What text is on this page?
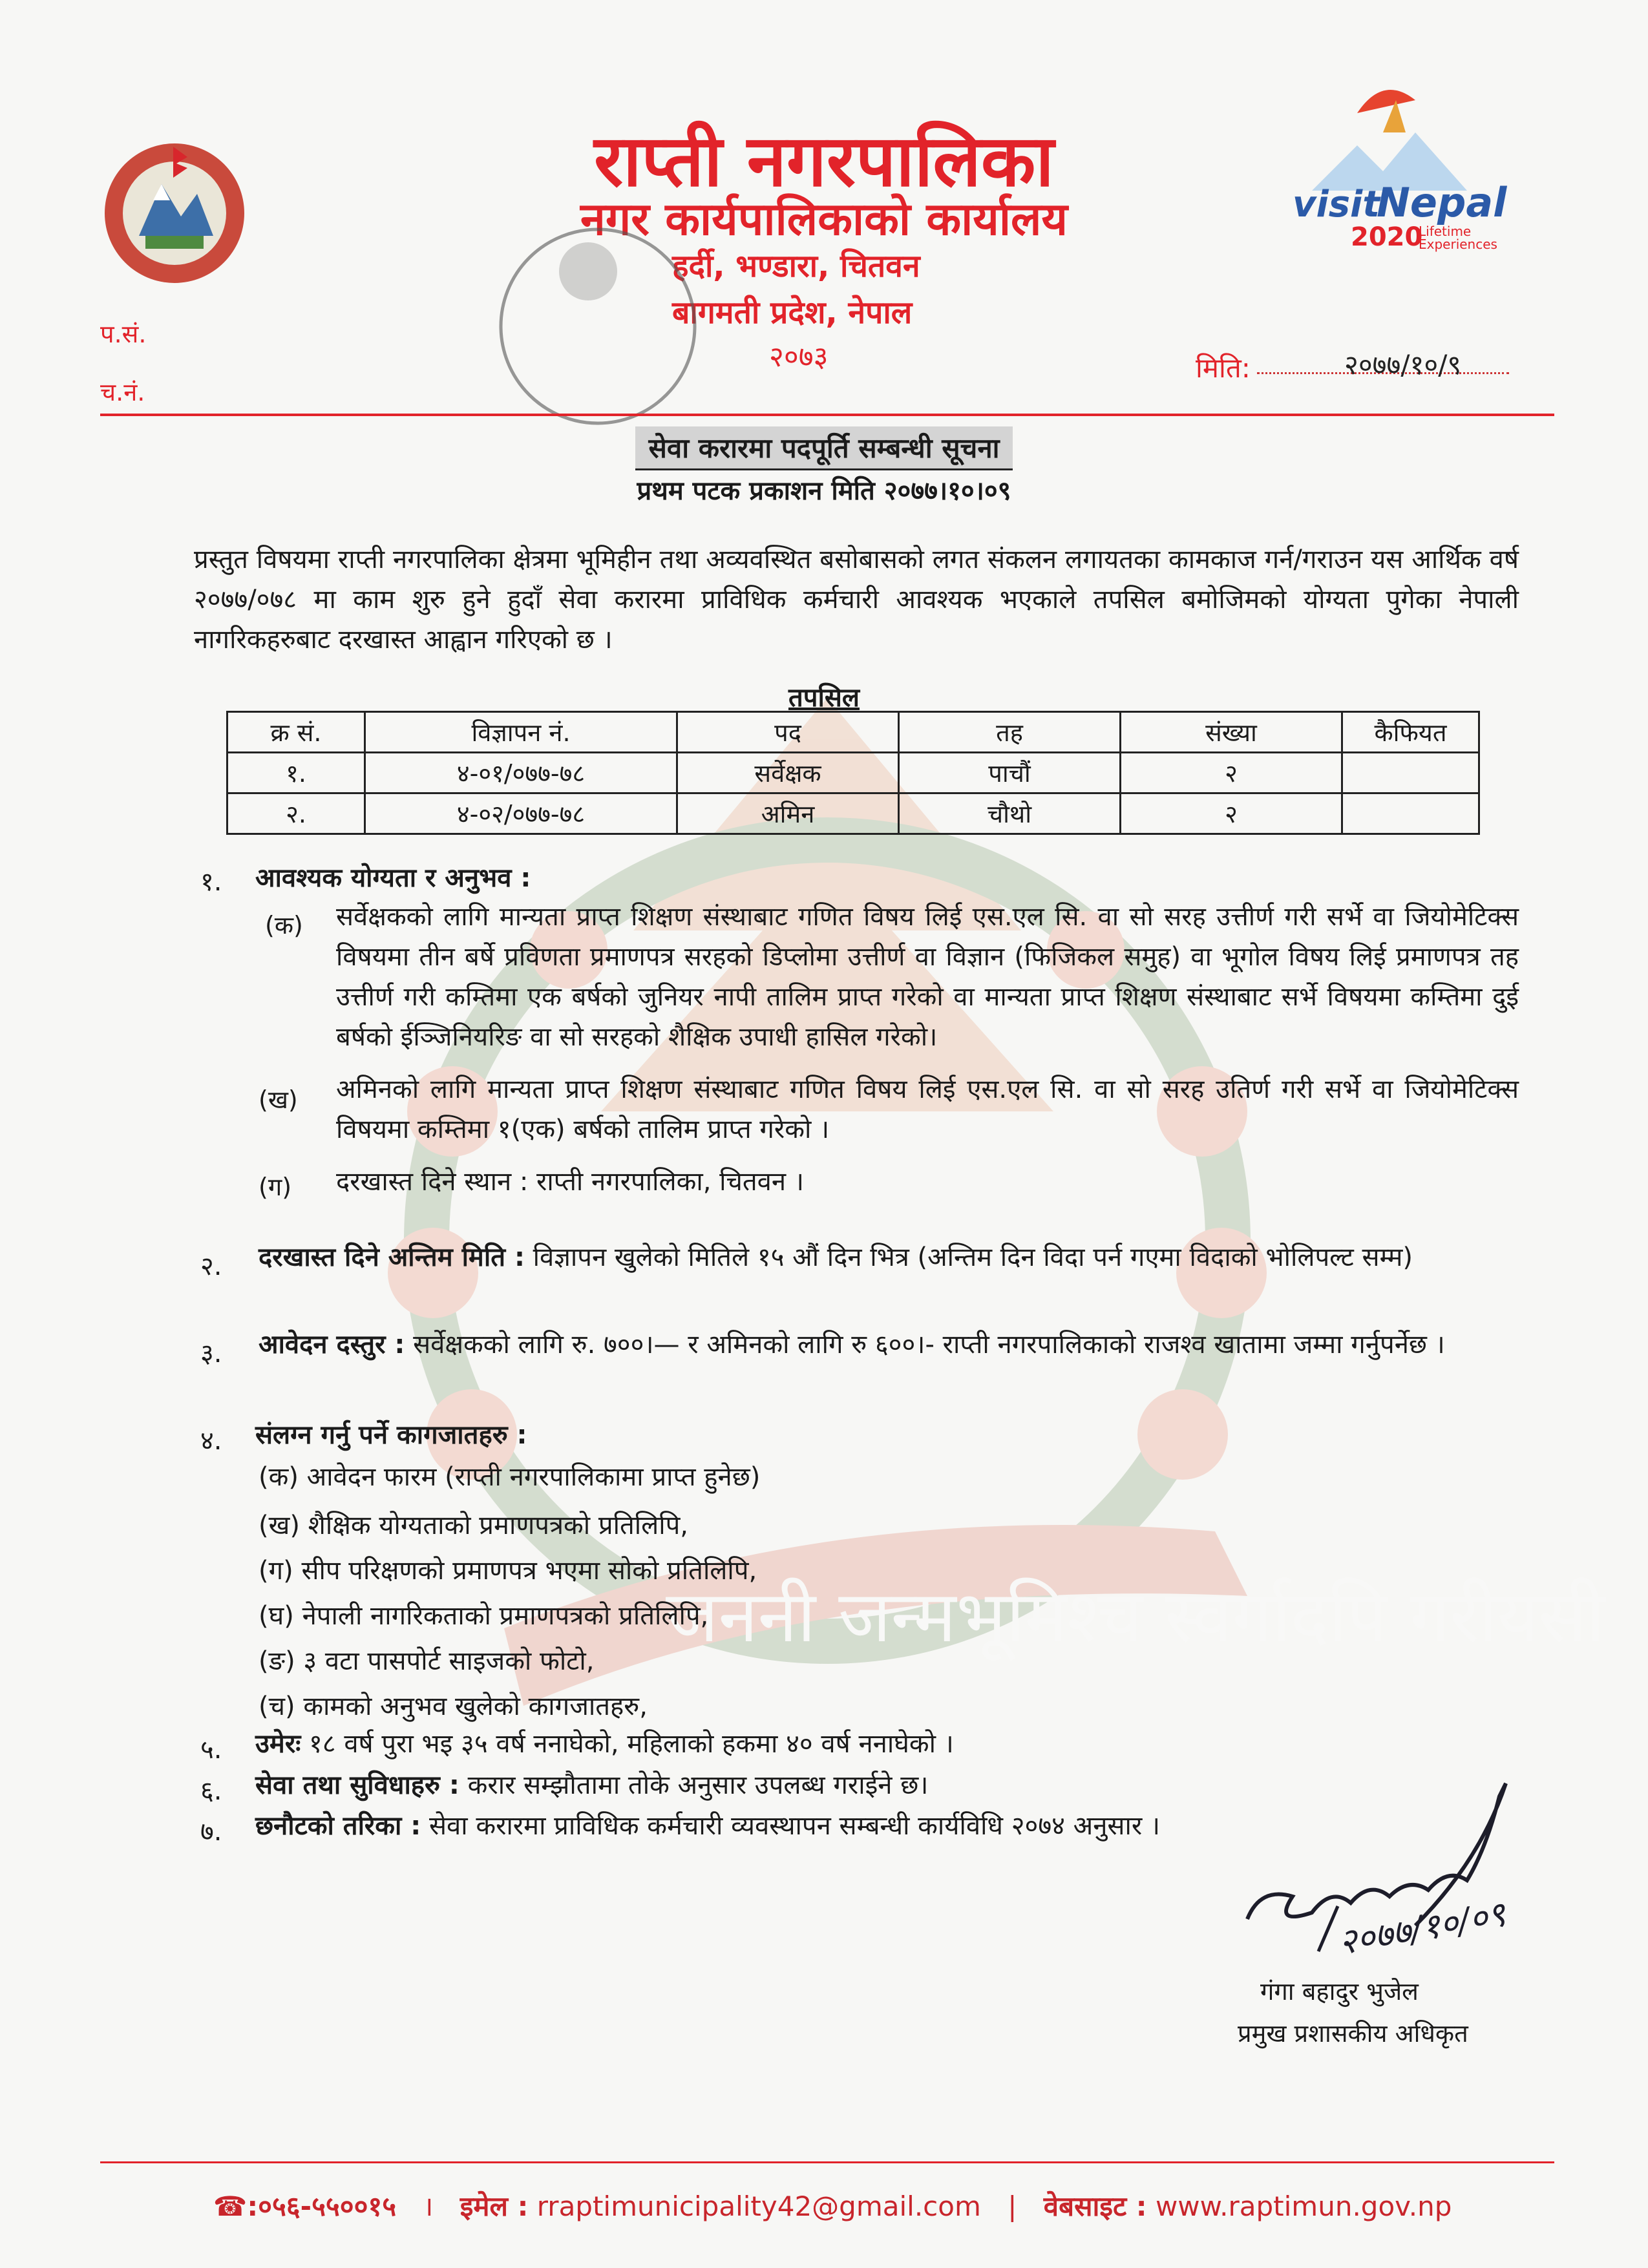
जननी जन्मभूमिश्च स्वर्गादपि गरीयसी
visit
Nepal
2020
Lifetime
Experiences
राप्ती नगरपालिका
नगर कार्यपालिकाको कार्यालय
हर्दी, भण्डारा, चितवन
बागमती प्रदेश, नेपाल
२०७३
प.सं.
च.नं.
मिति:	२०७७/१०/९
सेवा करारमा पदपूर्ति सम्बन्धी सूचना
प्रथम पटक प्रकाशन मिति २०७७।१०।०९
प्रस्तुत विषयमा राप्ती नगरपालिका क्षेत्रमा भूमिहीन तथा अव्यवस्थित बसोबासको लगत संकलन लगायतका कामकाज गर्न/गराउन यस आर्थिक वर्ष २०७७/०७८ मा काम शुरु हुने हुदाँ सेवा करारमा प्राविधिक कर्मचारी आवश्यक भएकाले तपसिल बमोजिमको योग्यता पुगेका नेपाली नागरिकहरुबाट दरखास्त आह्वान गरिएको छ ।
तपसिल
क्र सं.	विज्ञापन नं.	पद	तह	संख्या	कैफियत
१.	४-०१/०७७-७८	सर्वेक्षक	पाचौं	२	
२.	४-०२/०७७-७८	अमिन	चौथो	२	
१. आवश्यक योग्यता र अनुभव :
(क) सर्वेक्षकको लागि मान्यता प्राप्त शिक्षण संस्थाबाट गणित विषय लिई एस.एल सि. वा सो सरह उत्तीर्ण गरी सर्भे वा जियोमेटिक्स विषयमा तीन बर्षे प्रविणता प्रमाणपत्र सरहको डिप्लोमा उत्तीर्ण वा विज्ञान (फिजिकल समुह) वा भूगोल विषय लिई प्रमाणपत्र तह उत्तीर्ण गरी कम्तिमा एक बर्षको जुनियर नापी तालिम प्राप्त गरेको वा मान्यता प्राप्त शिक्षण संस्थाबाट सर्भे विषयमा कम्तिमा दुई बर्षको ईञ्जिनियरिङ वा सो सरहको शैक्षिक उपाधी हासिल गरेको।
(ख) अमिनको लागि मान्यता प्राप्त शिक्षण संस्थाबाट गणित विषय लिई एस.एल सि. वा सो सरह उतिर्ण गरी सर्भे वा जियोमेटिक्स विषयमा कम्तिमा १(एक) बर्षको तालिम प्राप्त गरेको ।
(ग) दरखास्त दिने स्थान : राप्ती नगरपालिका, चितवन ।
२. दरखास्त दिने अन्तिम मिति : विज्ञापन खुलेको मितिले १५ औं दिन भित्र (अन्तिम दिन विदा पर्न गएमा विदाको भोलिपल्ट सम्म)
३. आवेदन दस्तुर : सर्वेक्षकको लागि रु. ७००।— र अमिनको लागि रु ६००।- राप्ती नगरपालिकाको राजश्व खातामा जम्मा गर्नुपर्नेछ ।
४. संलग्न गर्नु पर्ने कागजातहरु :
(क) आवेदन फारम (राप्ती नगरपालिकामा प्राप्त हुनेछ)
(ख) शैक्षिक योग्यताको प्रमाणपत्रको प्रतिलिपि,
(ग) सीप परिक्षणको प्रमाणपत्र भएमा सोको प्रतिलिपि,
(घ) नेपाली नागरिकताको प्रमाणपत्रको प्रतिलिपि,
(ङ) ३ वटा पासपोर्ट साइजको फोटो,
(च) कामको अनुभव खुलेको कागजातहरु,
५. उमेरः १८ वर्ष पुरा भइ ३५ वर्ष ननाघेको, महिलाको हकमा ४० वर्ष ननाघेको ।
६. सेवा तथा सुविधाहरु : करार सम्झौतामा तोके अनुसार उपलब्ध गराईने छ।
७. छनौटको तरिका : सेवा करारमा प्राविधिक कर्मचारी व्यवस्थापन सम्बन्धी कार्यविधि २०७४ अनुसार ।
२०७७/१०/०९
गंगा बहादुर भुजेल
प्रमुख प्रशासकीय अधिकृत
☎:०५६-५५००१५ । इमेल : rraptimunicipality42@gmail.com | वेबसाइट : www.raptimun.gov.np
